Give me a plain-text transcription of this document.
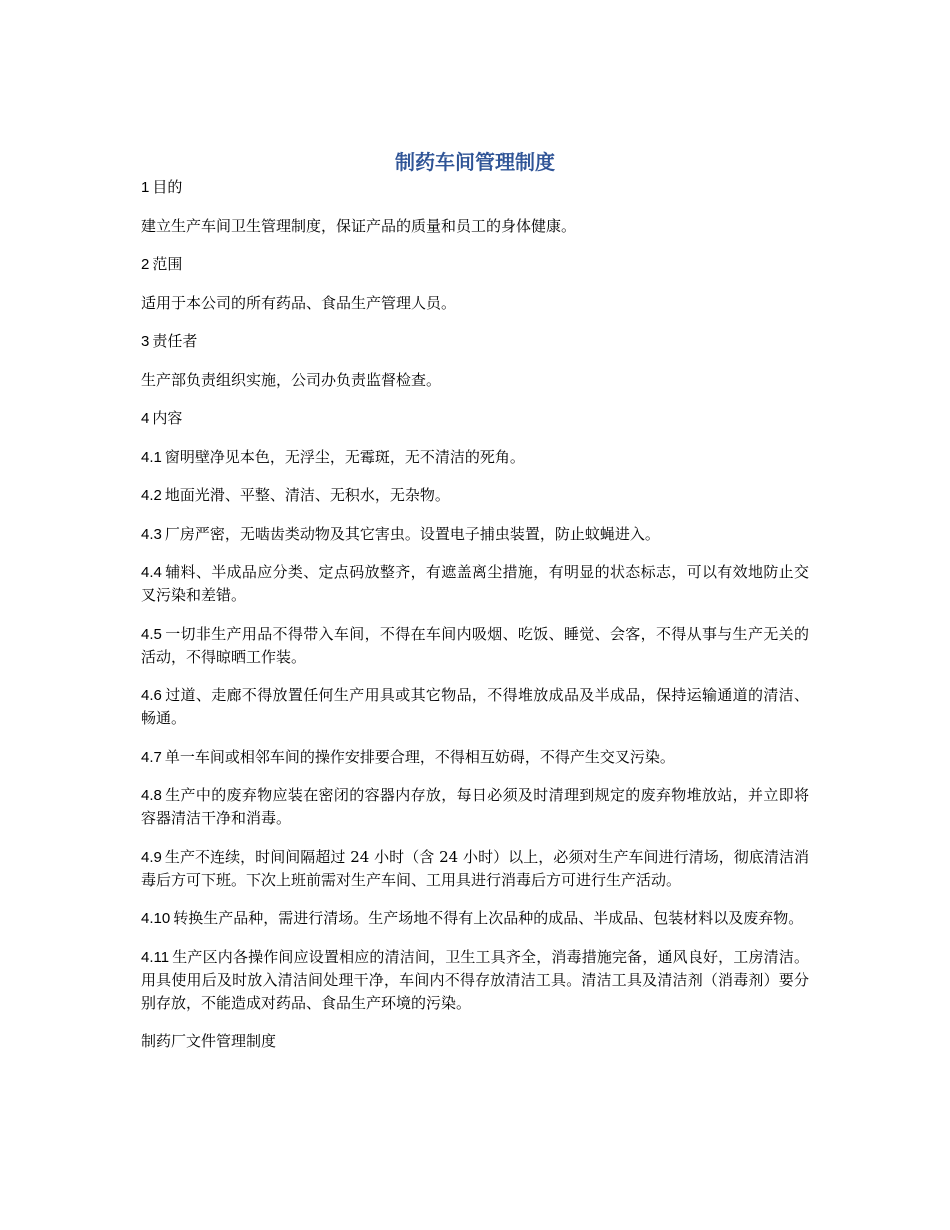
制药车间管理制度

1 目的

建立生产车间卫生管理制度，保证产品的质量和员工的身体健康。

2 范围

适用于本公司的所有药品、食品生产管理人员。

3 责任者

生产部负责组织实施，公司办负责监督检查。

4 内容

4.1 窗明壁净见本色，无浮尘，无霉斑，无不清洁的死角。

4.2 地面光滑、平整、清洁、无积水，无杂物。

4.3 厂房严密，无啮齿类动物及其它害虫。设置电子捕虫装置，防止蚊蝇进入。

4.4 辅料、半成品应分类、定点码放整齐，有遮盖离尘措施，有明显的状态标志，可以有效地防止交叉污染和差错。

4.5 一切非生产用品不得带入车间，不得在车间内吸烟、吃饭、睡觉、会客，不得从事与生产无关的活动，不得晾晒工作装。

4.6 过道、走廊不得放置任何生产用具或其它物品，不得堆放成品及半成品，保持运输通道的清洁、畅通。

4.7 单一车间或相邻车间的操作安排要合理，不得相互妨碍，不得产生交叉污染。

4.8 生产中的废弃物应装在密闭的容器内存放，每日必须及时清理到规定的废弃物堆放站，并立即将容器清洁干净和消毒。

4.9 生产不连续，时间间隔超过 24 小时（含 24 小时）以上，必须对生产车间进行清场，彻底清洁消毒后方可下班。下次上班前需对生产车间、工用具进行消毒后方可进行生产活动。

4.10 转换生产品种，需进行清场。生产场地不得有上次品种的成品、半成品、包装材料以及废弃物。

4.11 生产区内各操作间应设置相应的清洁间，卫生工具齐全，消毒措施完备，通风良好，工房清洁。用具使用后及时放入清洁间处理干净，车间内不得存放清洁工具。清洁工具及清洁剂（消毒剂）要分别存放，不能造成对药品、食品生产环境的污染。

制药厂文件管理制度
